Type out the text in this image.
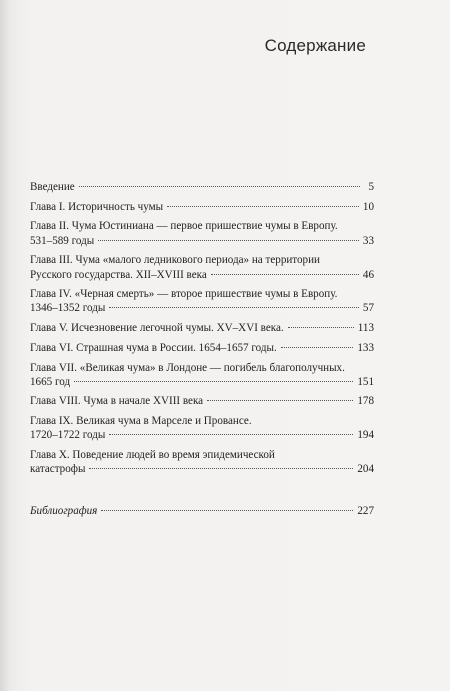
Содержание
Введение	5
Глава I. Историчность чумы	10
Глава II. Чума Юстиниана — первое пришествие чумы в Европу.
531–589 годы	33
Глава III. Чума «малого ледникового периода» на территории
Русского государства. XII–XVIII века	46
Глава IV. «Черная смерть» — второе пришествие чумы в Европу.
1346–1352 годы	57
Глава V. Исчезновение легочной чумы. XV–XVI века.	113
Глава VI. Страшная чума в России. 1654–1657 годы.	133
Глава VII. «Великая чума» в Лондоне — погибель благополучных.
1665 год	151
Глава VIII. Чума в начале XVIII века	178
Глава IX. Великая чума в Марселе и Провансе.
1720–1722 годы	194
Глава X. Поведение людей во время эпидемической
катастрофы	204
Библиография	227
